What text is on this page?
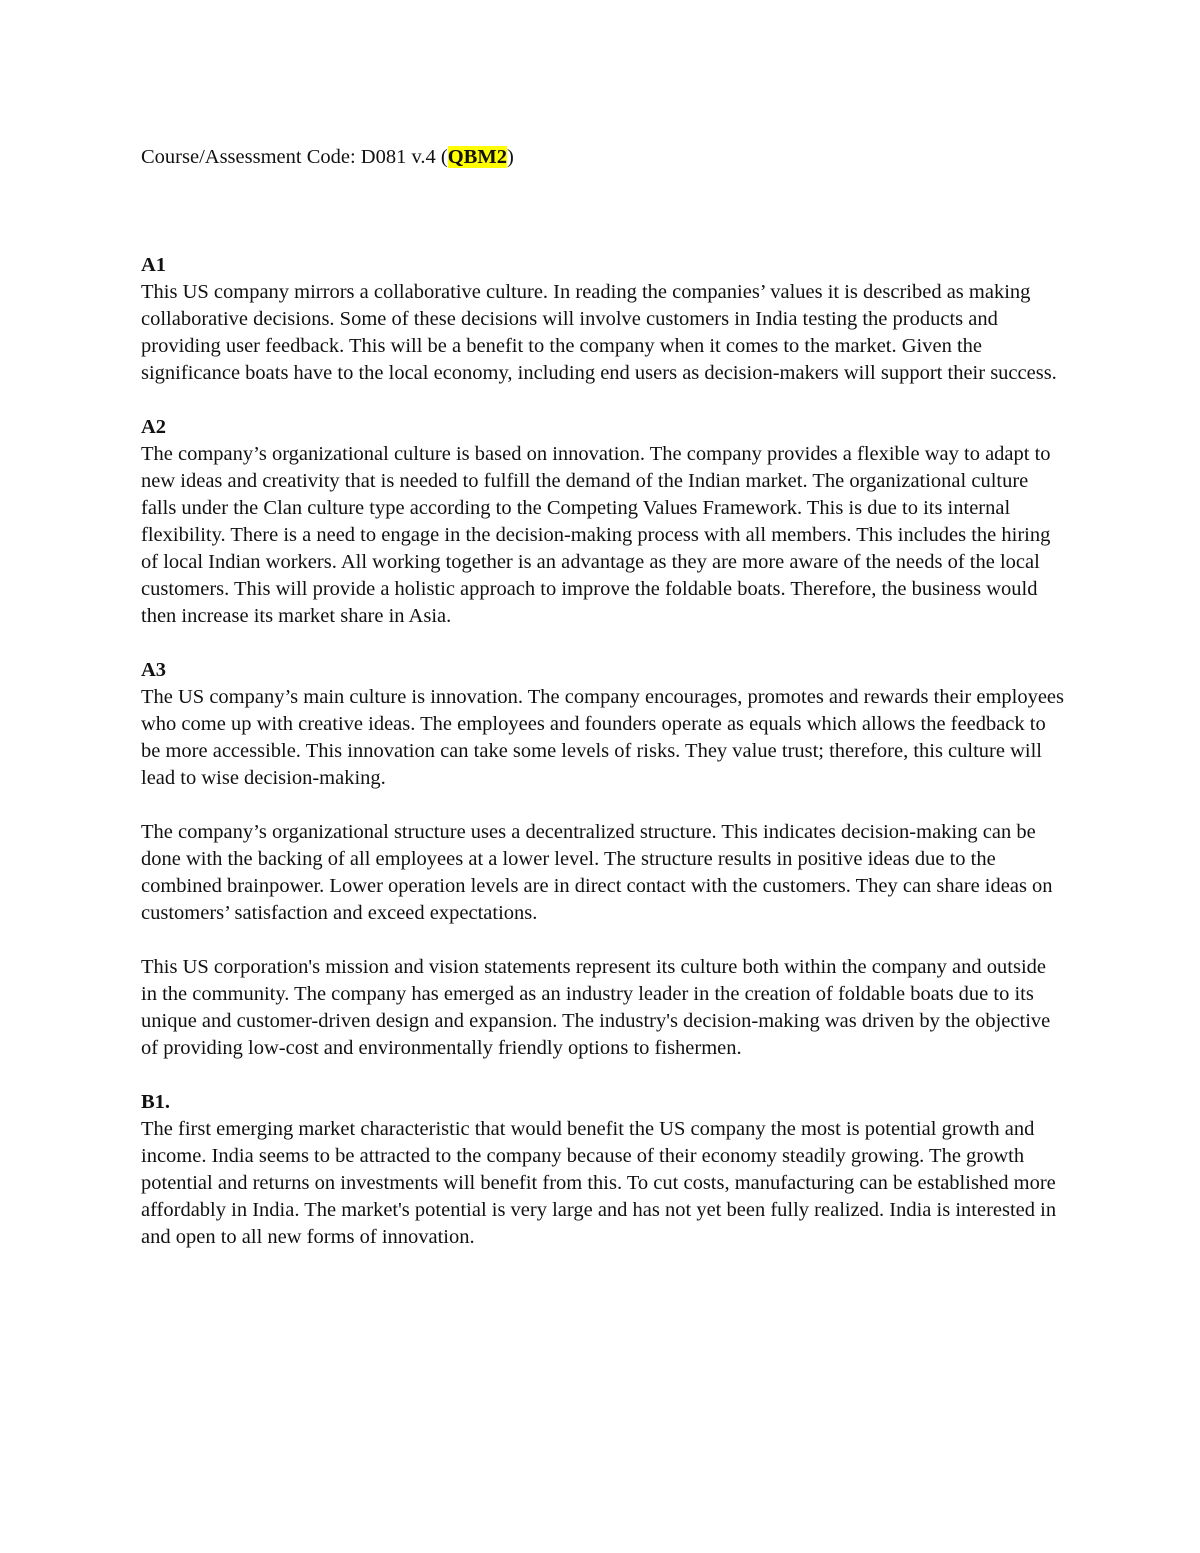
Course/Assessment Code: D081 v.4 (QBM2)

A1

This US company mirrors a collaborative culture. In reading the companies’ values it is described as making collaborative decisions. Some of these decisions will involve customers in India testing the products and providing user feedback. This will be a benefit to the company when it comes to the market. Given the significance boats have to the local economy, including end users as decision-makers will support their success.

A2

The company’s organizational culture is based on innovation. The company provides a flexible way to adapt to new ideas and creativity that is needed to fulfill the demand of the Indian market. The organizational culture falls under the Clan culture type according to the Competing Values Framework. This is due to its internal flexibility. There is a need to engage in the decision-making process with all members. This includes the hiring of local Indian workers. All working together is an advantage as they are more aware of the needs of the local customers. This will provide a holistic approach to improve the foldable boats. Therefore, the business would then increase its market share in Asia.

A3

The US company’s main culture is innovation. The company encourages, promotes and rewards their employees who come up with creative ideas. The employees and founders operate as equals which allows the feedback to be more accessible. This innovation can take some levels of risks. They value trust; therefore, this culture will lead to wise decision-making.

The company’s organizational structure uses a decentralized structure. This indicates decision-making can be done with the backing of all employees at a lower level. The structure results in positive ideas due to the combined brainpower. Lower operation levels are in direct contact with the customers. They can share ideas on customers’ satisfaction and exceed expectations.

This US corporation's mission and vision statements represent its culture both within the company and outside in the community. The company has emerged as an industry leader in the creation of foldable boats due to its unique and customer-driven design and expansion. The industry's decision-making was driven by the objective of providing low-cost and environmentally friendly options to fishermen.

B1.

The first emerging market characteristic that would benefit the US company the most is potential growth and income. India seems to be attracted to the company because of their economy steadily growing. The growth potential and returns on investments will benefit from this. To cut costs, manufacturing can be established more affordably in India. The market's potential is very large and has not yet been fully realized. India is interested in and open to all new forms of innovation.
